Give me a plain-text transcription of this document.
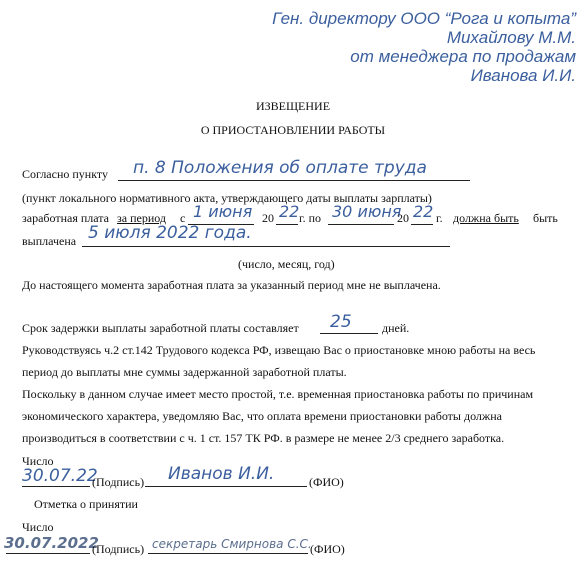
Ген. директору ООО “Рога и копыта”
Михайлову М.М.
от менеджера по продажам
Иванова И.И.
ИЗВЕЩЕНИЕ
О ПРИОСТАНОВЛЕНИИ РАБОТЫ
Согласно пункту п. 8 Положения об оплате труда
(пункт локального нормативного акта, утверждающего даты выплаты зарплаты)
заработная плата за период с 1 июня 20 22 г. по 30 июня
20 22 г. должна быть быть
выплачена 5 июля 2022 года.
(число, месяц, год)
До настоящего момента заработная плата за указанный период мне не выплачена.
Срок задержки выплаты заработной платы составляет 25	дней.
Руководствуясь ч.2 ст.142 Трудового кодекса РФ, извещаю Вас о приостановке мною работы на весь
период до выплаты мне суммы задержанной заработной платы.
Поскольку в данном случае имеет место простой, т.е. временная приостановка работы по причинам
экономического характера, уведомляю Вас, что оплата времени приостановки работы должна
производиться в соответствии с ч. 1 ст. 157 ТК РФ. в размере не менее 2/3 среднего заработка.
Число
30.07.22
(Подпись) Иванов И.И.	(ФИО)
Отметка о принятии
Число
30.07.2022
(Подпись) секретарь Смирнова С.С.
(ФИО)
